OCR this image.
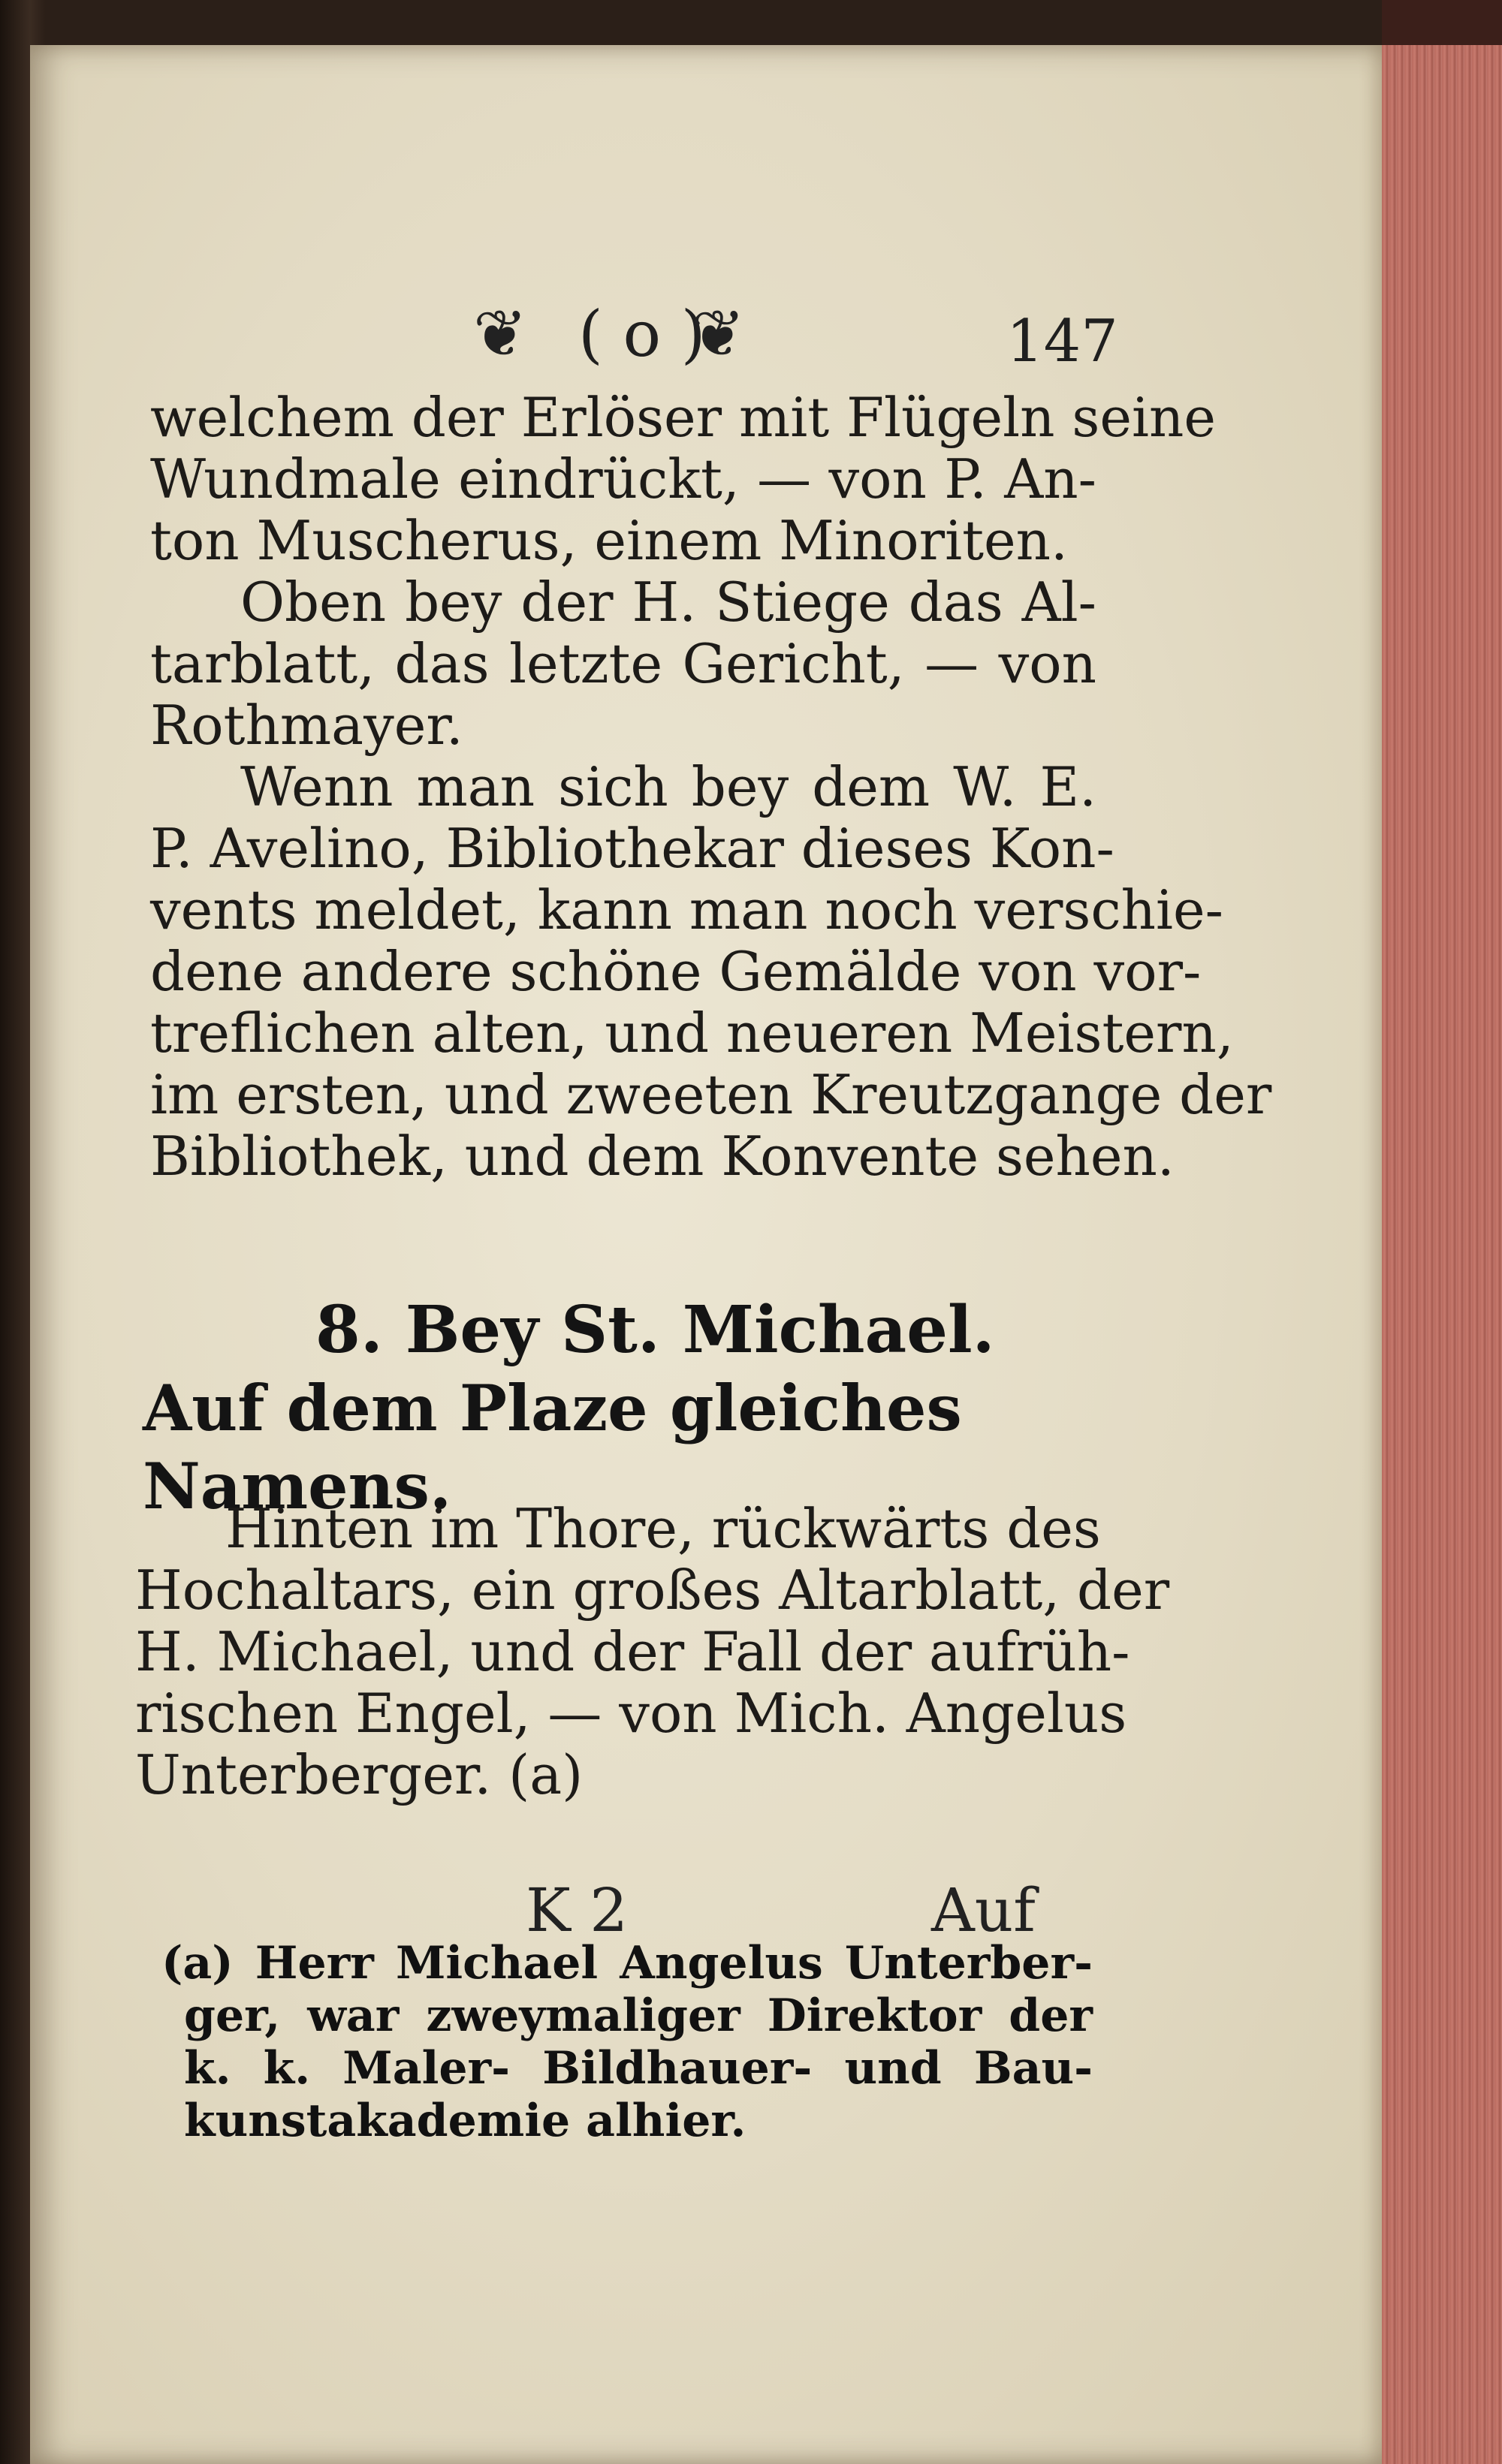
❦ ( o )
❦	147
welchem der Erlöser mit Flügeln seine
Wundmale eindrückt, — von P. An-
ton Muscherus, einem Minoriten.
Oben bey der H. Stiege das Al-
tarblatt, das letzte Gericht, — von
Rothmayer.
Wenn man sich bey dem W. E.
P. Avelino, Bibliothekar dieses Kon-
vents meldet, kann man noch verschie-
dene andere schöne Gemälde von vor-
treflichen alten, und neueren Meistern,
im ersten, und zweeten Kreutzgange der
Bibliothek, und dem Konvente sehen.
8. Bey St. Michael.
Auf dem Plaze gleiches Namens.
Hinten im Thore, rückwärts des
Hochaltars, ein großes Altarblatt, der
H. Michael, und der Fall der aufrüh-
rischen Engel, — von Mich. Angelus
Unterberger. (a)
K 2	Auf
(a) Herr Michael Angelus Unterber-
ger, war zweymaliger Direktor der
k. k. Maler- Bildhauer- und Bau-
kunstakademie alhier.
